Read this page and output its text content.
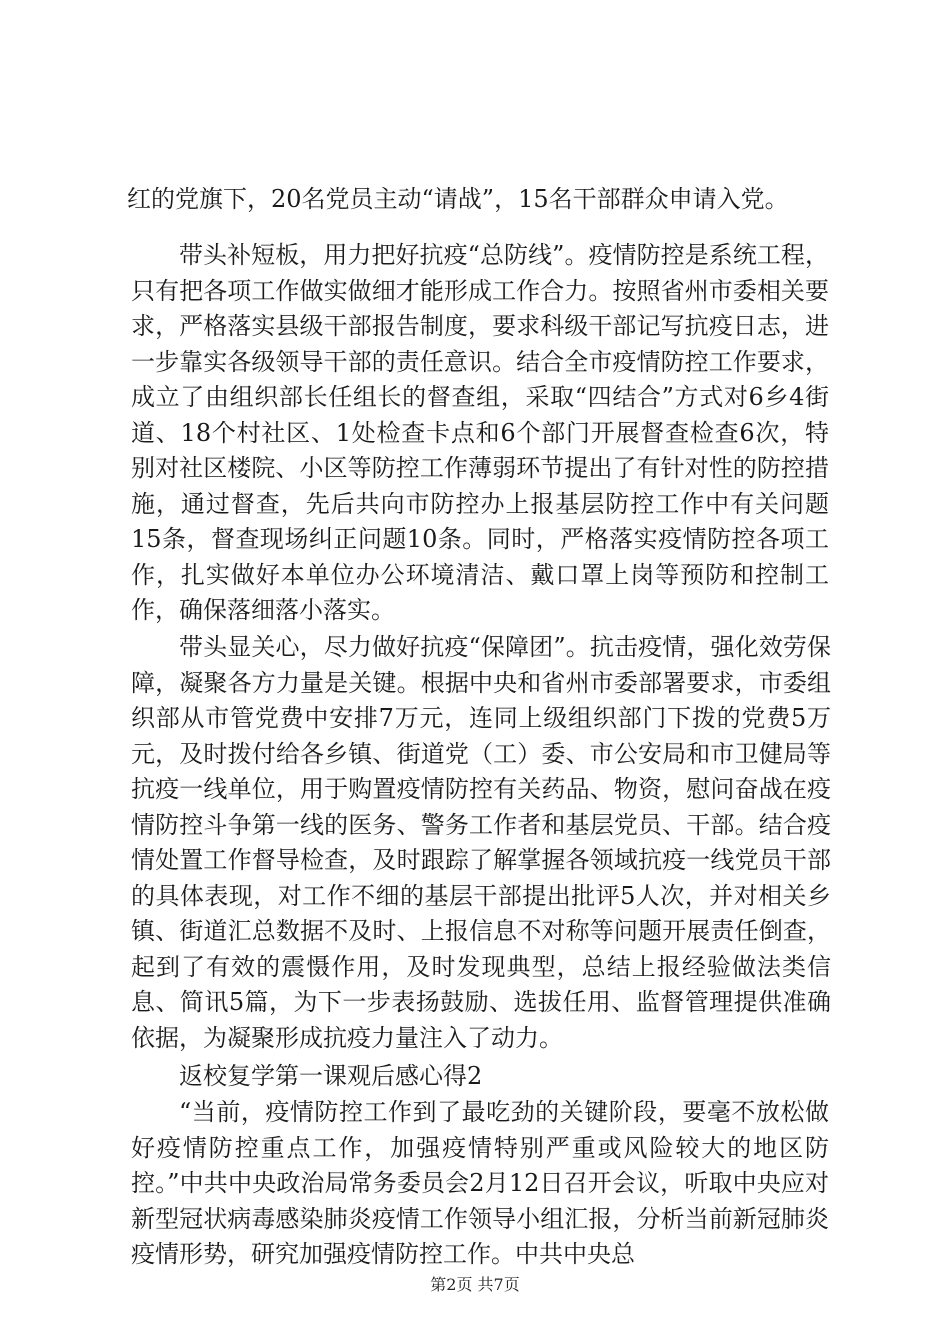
红的党旗下，20名党员主动“请战”，15名干部群众申请入党。

带头补短板，用力把好抗疫“总防线”。疫情防控是系统工程，只有把各项工作做实做细才能形成工作合力。按照省州市委相关要求，严格落实县级干部报告制度，要求科级干部记写抗疫日志，进一步靠实各级领导干部的责任意识。结合全市疫情防控工作要求，成立了由组织部长任组长的督查组，采取“四结合”方式对6乡4街道、18个村社区、1处检查卡点和6个部门开展督查检查6次，特别对社区楼院、小区等防控工作薄弱环节提出了有针对性的防控措施，通过督查，先后共向市防控办上报基层防控工作中有关问题15条，督查现场纠正问题10条。同时，严格落实疫情防控各项工作，扎实做好本单位办公环境清洁、戴口罩上岗等预防和控制工作，确保落细落小落实。

带头显关心，尽力做好抗疫“保障团”。抗击疫情，强化效劳保障，凝聚各方力量是关键。根据中央和省州市委部署要求，市委组织部从市管党费中安排7万元，连同上级组织部门下拨的党费5万元，及时拨付给各乡镇、街道党（工）委、市公安局和市卫健局等抗疫一线单位，用于购置疫情防控有关药品、物资，慰问奋战在疫情防控斗争第一线的医务、警务工作者和基层党员、干部。结合疫情处置工作督导检查，及时跟踪了解掌握各领域抗疫一线党员干部的具体表现，对工作不细的基层干部提出批评5人次，并对相关乡镇、街道汇总数据不及时、上报信息不对称等问题开展责任倒查，起到了有效的震慑作用，及时发现典型，总结上报经验做法类信息、简讯5篇，为下一步表扬鼓励、选拔任用、监督管理提供准确依据，为凝聚形成抗疫力量注入了动力。

返校复学第一课观后感心得2

“当前，疫情防控工作到了最吃劲的关键阶段，要毫不放松做好疫情防控重点工作，加强疫情特别严重或风险较大的地区防控。”中共中央政治局常务委员会2月12日召开会议，听取中央应对新型冠状病毒感染肺炎疫情工作领导小组汇报，分析当前新冠肺炎疫情形势，研究加强疫情防控工作。中共中央总

第2页 共7页
